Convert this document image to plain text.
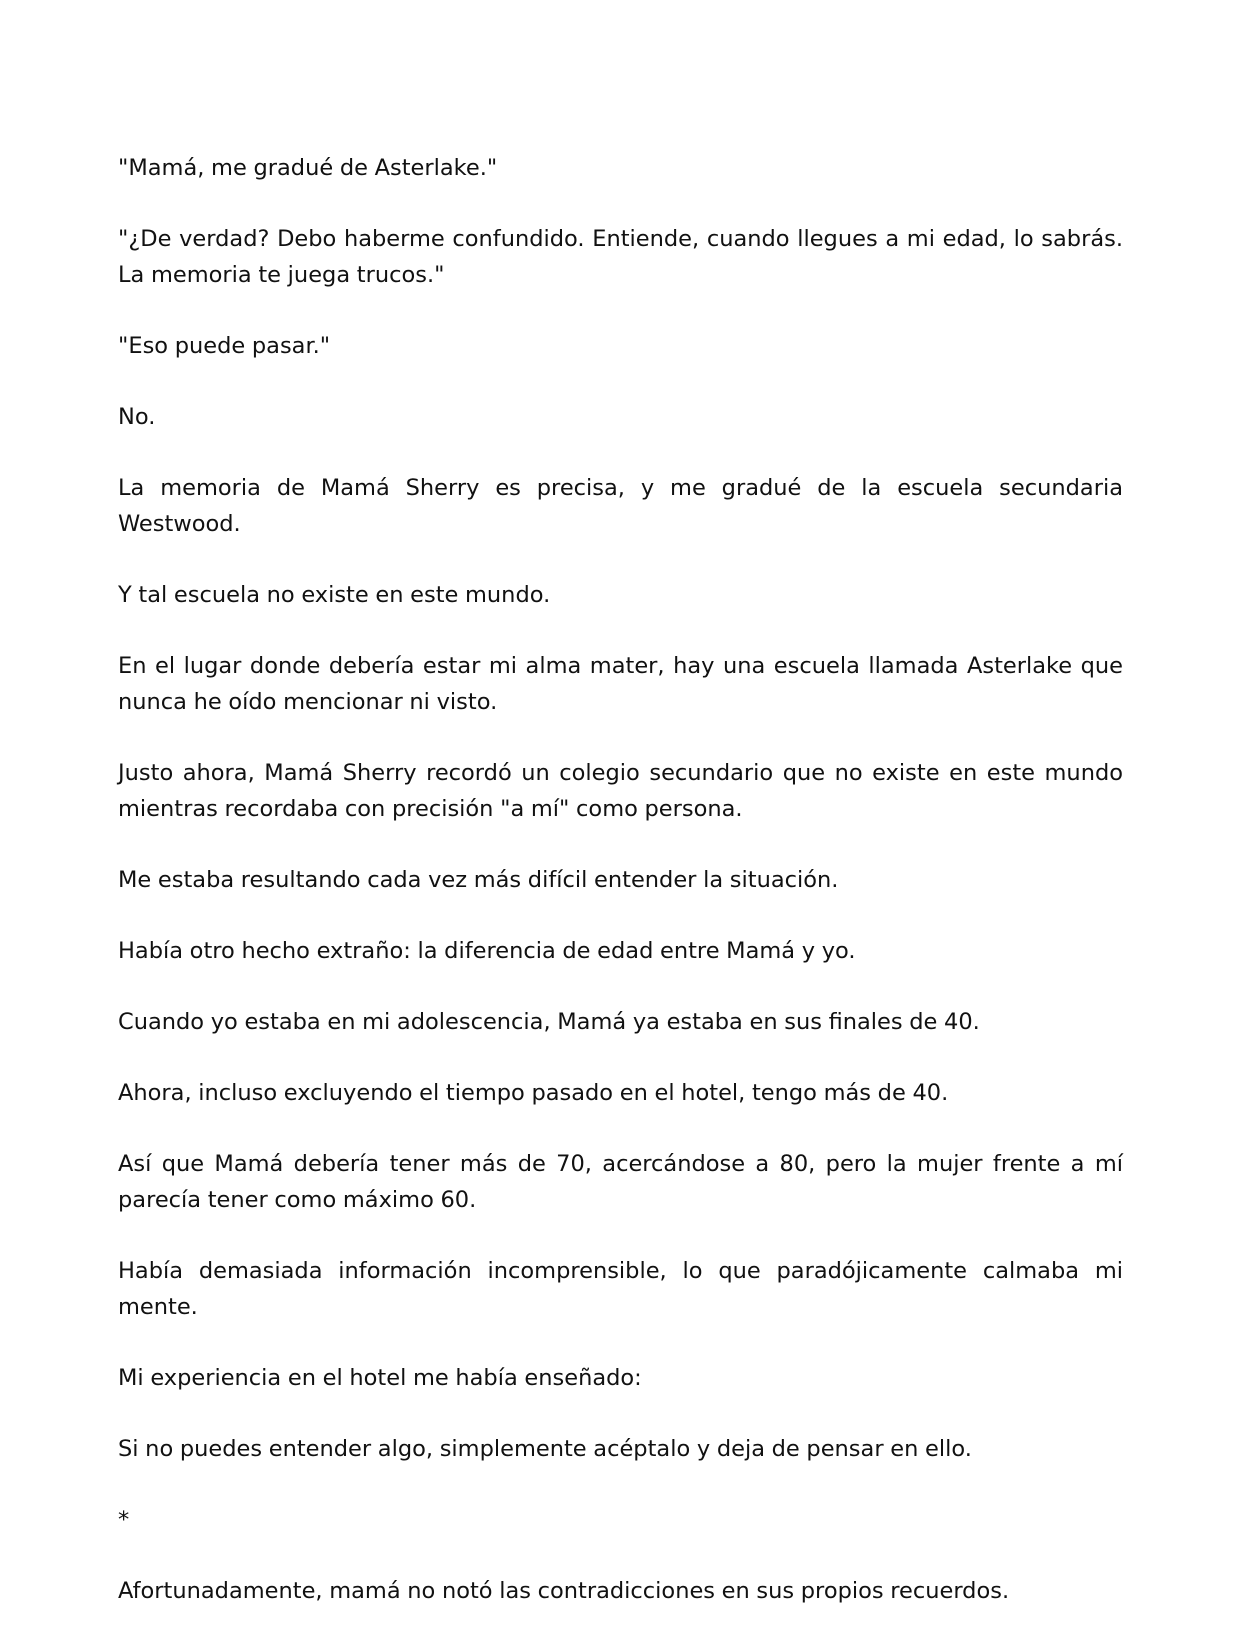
"Mamá, me gradué de Asterlake."

"¿De verdad? Debo haberme confundido. Entiende, cuando llegues a mi edad, lo sabrás. La memoria te juega trucos."

"Eso puede pasar."

No.

La memoria de Mamá Sherry es precisa, y me gradué de la escuela secundaria Westwood.

Y tal escuela no existe en este mundo.

En el lugar donde debería estar mi alma mater, hay una escuela llamada Asterlake que nunca he oído mencionar ni visto.

Justo ahora, Mamá Sherry recordó un colegio secundario que no existe en este mundo mientras recordaba con precisión "a mí" como persona.

Me estaba resultando cada vez más difícil entender la situación.

Había otro hecho extraño: la diferencia de edad entre Mamá y yo.

Cuando yo estaba en mi adolescencia, Mamá ya estaba en sus finales de 40.

Ahora, incluso excluyendo el tiempo pasado en el hotel, tengo más de 40.

Así que Mamá debería tener más de 70, acercándose a 80, pero la mujer frente a mí parecía tener como máximo 60.

Había demasiada información incomprensible, lo que paradójicamente calmaba mi mente.

Mi experiencia en el hotel me había enseñado:

Si no puedes entender algo, simplemente acéptalo y deja de pensar en ello.

*

Afortunadamente, mamá no notó las contradicciones en sus propios recuerdos.
